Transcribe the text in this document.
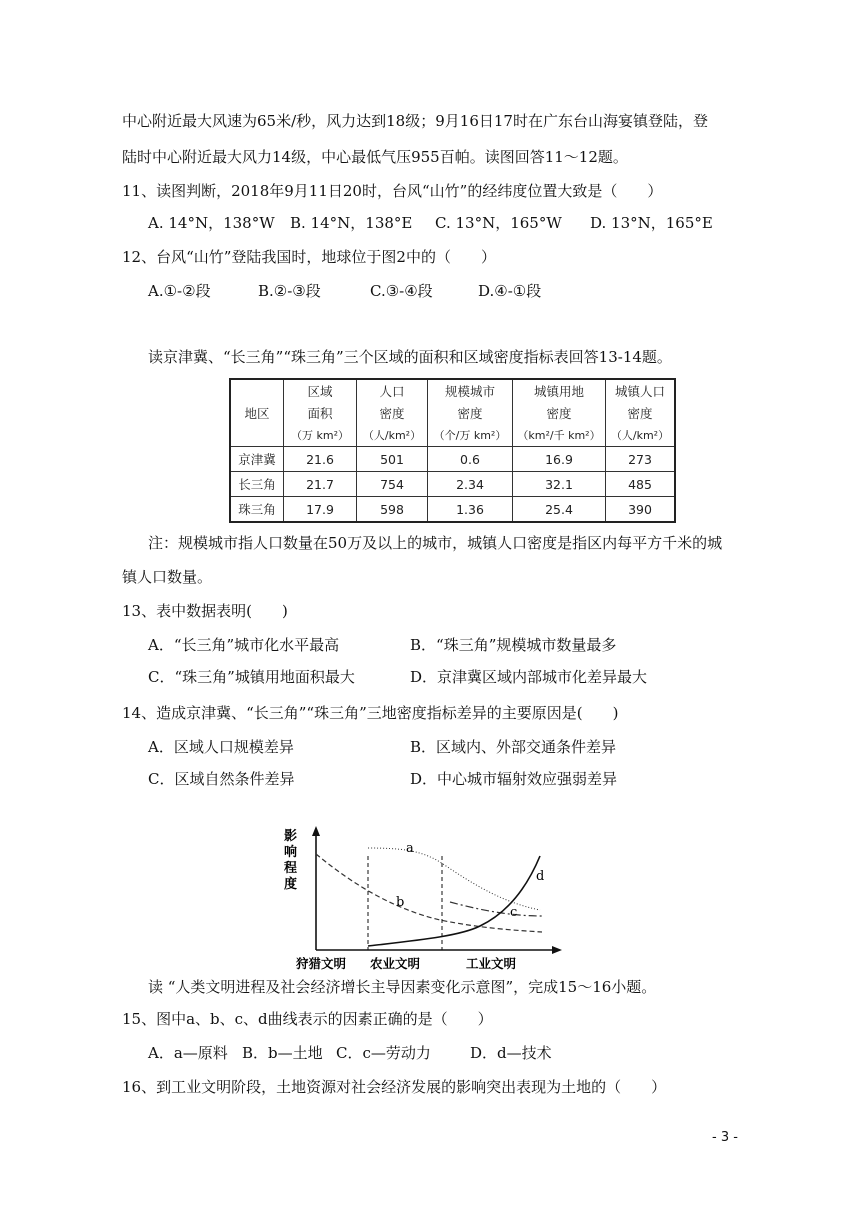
中心附近最大风速为65米/秒，风力达到18级；9月16日17时在广东台山海宴镇登陆，登
陆时中心附近最大风力14级，中心最低气压955百帕。读图回答11～12题。
11、读图判断，2018年9月11日20时，台风“山竹”的经纬度位置大致是（　　）
A. 14°N，138°W B. 14°N，138°E C. 13°N，165°W D. 13°N，165°E
12、台风“山竹”登陆我国时，地球位于图2中的（　　）
A.①-②段	B.②-③段	C.③-④段	D.④-①段
读京津冀、“长三角”“珠三角”三个区域的面积和区域密度指标表回答13-14题。
地区	区域	人口	规模城市	城镇用地	城镇人口
	面积	密度	密度	密度	密度
	（万 km²）	（人/km²）	（个/万 km²）	（km²/千 km²）	（人/km²）
京津冀	21.6	501	0.6	16.9	273
长三角	21.7	754	2.34	32.1	485
珠三角	17.9	598	1.36	25.4	390
注：规模城市指人口数量在50万及以上的城市，城镇人口密度是指区内每平方千米的城
镇人口数量。
13、表中数据表明(　　)
A．“长三角”城市化水平最高	B．“珠三角”规模城市数量最多
C．“珠三角”城镇用地面积最大	D．京津冀区域内部城市化差异最大
14、造成京津冀、“长三角”“珠三角”三地密度指标差异的主要原因是(　　)
A．区域人口规模差异	B．区域内、外部交通条件差异
C．区域自然条件差异	D．中心城市辐射效应强弱差异
a
b
c
d
影
响
程
度
狩猎文明 农业文明	工业文明
读 “人类文明进程及社会经济增长主导因素变化示意图”，完成15～16小题。
15、图中a、b、c、d曲线表示的因素正确的是（　　）
A．a—原料 B．b—土地 C．c—劳动力	D．d—技术
16、到工业文明阶段，土地资源对社会经济发展的影响突出表现为土地的（　　）
- 3 -
